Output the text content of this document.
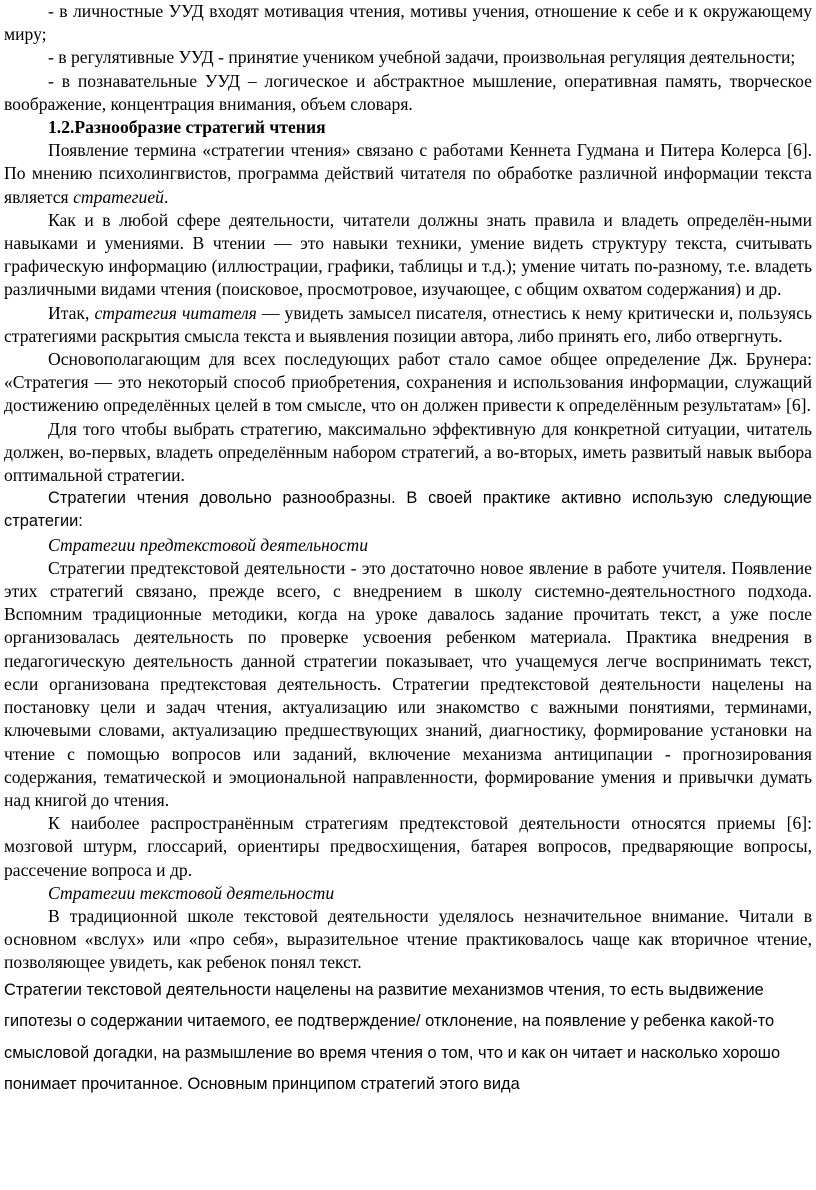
- в личностные УУД входят мотивация чтения, мотивы учения, отношение к себе и к окружающему миру;

- в регулятивные УУД - принятие учеником учебной задачи, произвольная регуляция деятельности;

- в познавательные УУД – логическое и абстрактное мышление, оперативная память, творческое воображение, концентрация внимания, объем словаря.

1.2.Разнообразие стратегий чтения

Появление термина «стратегии чтения» связано с работами Кеннета Гудмана и Питера Колерса [6]. По мнению психолингвистов, программа действий читателя по обработке различной информации текста является стратегией.

Как и в любой сфере деятельности, читатели должны знать правила и владеть определён-ными навыками и умениями. В чтении — это навыки техники, умение видеть структуру текста, считывать графическую информацию (иллюстрации, графики, таблицы и т.д.); умение читать по-разному, т.е. владеть различными видами чтения (поисковое, просмотровое, изучающее, с общим охватом содержания) и др.

Итак, стратегия читателя — увидеть замысел писателя, отнестись к нему критически и, пользуясь стратегиями раскрытия смысла текста и выявления позиции автора, либо принять его, либо отвергнуть.

Основополагающим для всех последующих работ стало самое общее определение Дж. Брунера: «Стратегия — это некоторый способ приобретения, сохранения и использования информации, служащий достижению определённых целей в том смысле, что он должен привести к определённым результатам» [6].

Для того чтобы выбрать стратегию, максимально эффективную для конкретной ситуации, читатель должен, во-первых, владеть определённым набором стратегий, а во-вторых, иметь развитый навык выбора оптимальной стратегии.

Стратегии чтения довольно разнообразны. В своей практике активно использую следующие стратегии:

Стратегии предтекстовой деятельности

Стратегии предтекстовой деятельности - это достаточно новое явление в работе учителя. Появление этих стратегий связано, прежде всего, с внедрением в школу системно-деятельностного подхода. Вспомним традиционные методики, когда на уроке давалось задание прочитать текст, а уже после организовалась деятельность по проверке усвоения ребенком материала. Практика внедрения в педагогическую деятельность данной стратегии показывает, что учащемуся легче воспринимать текст, если организована предтекстовая деятельность. Стратегии предтекстовой деятельности нацелены на постановку цели и задач чтения, актуализацию или знакомство с важными понятиями, терминами, ключевыми словами, актуализацию предшествующих знаний, диагностику, формирование установки на чтение с помощью вопросов или заданий, включение механизма антиципации - прогнозирования содержания, тематической и эмоциональной направленности, формирование умения и привычки думать над книгой до чтения.

К наиболее распространённым стратегиям предтекстовой деятельности относятся приемы [6]: мозговой штурм, глоссарий, ориентиры предвосхищения, батарея вопросов, предваряющие вопросы, рассечение вопроса и др.

Стратегии текстовой деятельности

В традиционной школе текстовой деятельности уделялось незначительное внимание. Читали в основном «вслух» или «про себя», выразительное чтение практиковалось чаще как вторичное чтение, позволяющее увидеть, как ребенок понял текст.

Стратегии текстовой деятельности нацелены на развитие механизмов чтения, то есть выдвижение гипотезы о содержании читаемого, ее подтверждение/ отклонение, на появление у ребенка какой-то смысловой догадки, на размышление во время чтения о том, что и как он читает и насколько хорошо понимает прочитанное. Основным принципом стратегий этого вида
